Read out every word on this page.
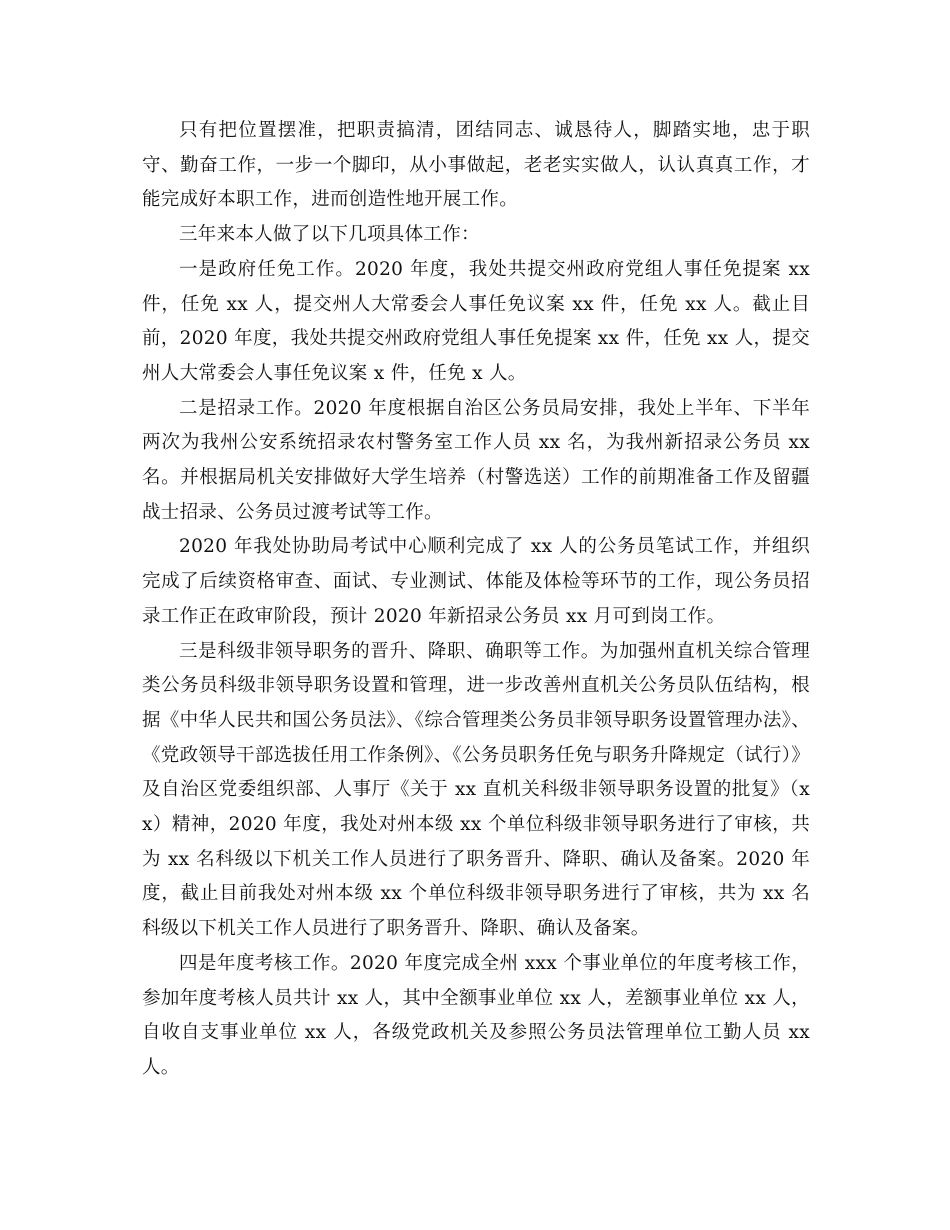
只有把位置摆准，把职责搞清，团结同志、诚恳待人，脚踏实地，忠于职守、勤奋工作，一步一个脚印，从小事做起，老老实实做人，认认真真工作，才能完成好本职工作，进而创造性地开展工作。

三年来本人做了以下几项具体工作：

一是政府任免工作。2020 年度，我处共提交州政府党组人事任免提案 xx 件，任免 xx 人，提交州人大常委会人事任免议案 xx 件，任免 xx 人。截止目前，2020 年度，我处共提交州政府党组人事任免提案 xx 件，任免 xx 人，提交州人大常委会人事任免议案 x 件，任免 x 人。

二是招录工作。2020 年度根据自治区公务员局安排，我处上半年、下半年两次为我州公安系统招录农村警务室工作人员 xx 名，为我州新招录公务员 xx 名。并根据局机关安排做好大学生培养（村警选送）工作的前期准备工作及留疆战士招录、公务员过渡考试等工作。

2020 年我处协助局考试中心顺利完成了 xx 人的公务员笔试工作，并组织完成了后续资格审查、面试、专业测试、体能及体检等环节的工作，现公务员招录工作正在政审阶段，预计 2020 年新招录公务员 xx 月可到岗工作。

三是科级非领导职务的晋升、降职、确职等工作。为加强州直机关综合管理类公务员科级非领导职务设置和管理，进一步改善州直机关公务员队伍结构，根据《中华人民共和国公务员法》、《综合管理类公务员非领导职务设置管理办法》、《党政领导干部选拔任用工作条例》、《公务员职务任免与职务升降规定（试行）》及自治区党委组织部、人事厅《关于 xx 直机关科级非领导职务设置的批复》（xx）精神，2020 年度，我处对州本级 xx 个单位科级非领导职务进行了审核，共为 xx 名科级以下机关工作人员进行了职务晋升、降职、确认及备案。2020 年度，截止目前我处对州本级 xx 个单位科级非领导职务进行了审核，共为 xx 名科级以下机关工作人员进行了职务晋升、降职、确认及备案。

四是年度考核工作。2020 年度完成全州 xxx 个事业单位的年度考核工作，参加年度考核人员共计 xx 人，其中全额事业单位 xx 人，差额事业单位 xx 人，自收自支事业单位 xx 人，各级党政机关及参照公务员法管理单位工勤人员 xx 人。
